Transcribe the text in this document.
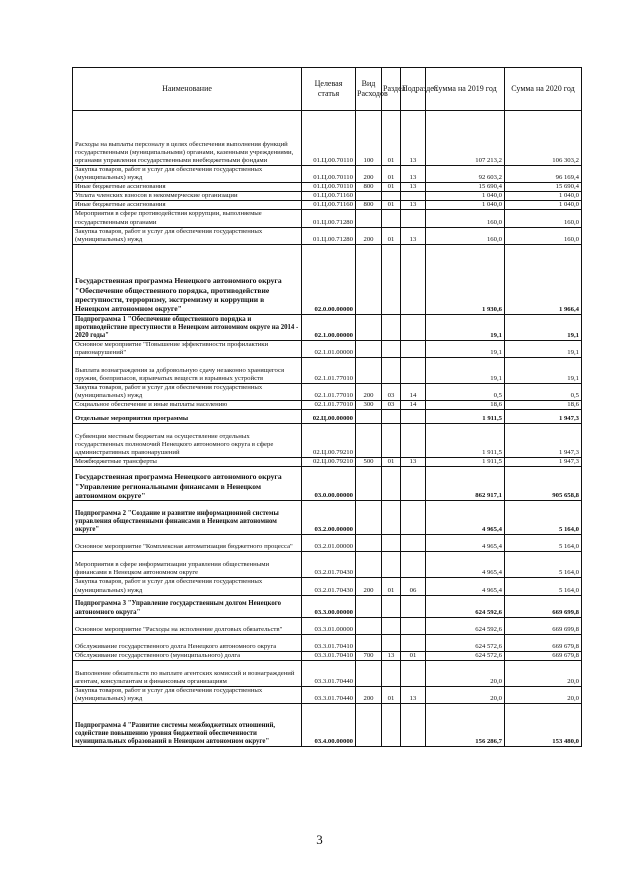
Наименование	Целевая статья	Вид Расходов	Раздел	Подраздел	Сумма на 2019 год	Сумма на 2020 год
Расходы на выплаты персоналу в целях обеспечения выполнения функций государственными (муниципальными) органами, казенными учреждениями, органами управления государственными внебюджетными фондами	01.Ц.00.70110	100	01	13	107 213,2	106 303,2
Закупка товаров, работ и услуг для обеспечения государственных (муниципальных) нужд	01.Ц.00.70110	200	01	13	92 603,2	96 169,4
Иные бюджетные ассигнования	01.Ц.00.70110	800	01	13	15 690,4	15 690,4
Уплата членских взносов в некоммерческие организации	01.Ц.00.71160				1 040,0	1 040,0
Иные бюджетные ассигнования	01.Ц.00.71160	800	01	13	1 040,0	1 040,0
Мероприятия в сфере противодействия коррупции, выполняемые государственными органами	01.Ц.00.71280				160,0	160,0
Закупка товаров, работ и услуг для обеспечения государственных (муниципальных) нужд	01.Ц.00.71280	200	01	13	160,0	160,0
Государственная программа Ненецкого автономного округа "Обеспечение общественного порядка, противодействие преступности, терроризму, экстремизму и коррупции в Ненецком автономном округе"	02.0.00.00000				1 930,6	1 966,4
Подпрограмма 1 "Обеспечение общественного порядка и противодействие преступности в Ненецком автономном округе на 2014 - 2020 годы"	02.1.00.00000				19,1	19,1
Основное мероприятие "Повышение эффективности профилактики правонарушений"	02.1.01.00000				19,1	19,1
Выплата вознаграждения за добровольную сдачу незаконно хранящегося оружия, боеприпасов, взрывчатых веществ и взрывных устройств	02.1.01.77010				19,1	19,1
Закупка товаров, работ и услуг для обеспечения государственных (муниципальных) нужд	02.1.01.77010	200	03	14	0,5	0,5
Социальное обеспечение и иные выплаты населению	02.1.01.77010	300	03	14	18,6	18,6
Отдельные мероприятия программы	02.Ц.00.00000				1 911,5	1 947,3
Субвенции местным бюджетам на осуществление отдельных государственных полномочий Ненецкого автономного округа в сфере административных правонарушений	02.Ц.00.79210				1 911,5	1 947,3
Межбюджетные трансферты	02.Ц.00.79210	500	01	13	1 911,5	1 947,3
Государственная программа Ненецкого автономного округа "Управление региональными финансами в Ненецком автономном округе"	03.0.00.00000				862 917,1	905 658,8
Подпрограмма 2 "Создание и развитие информационной системы управления общественными финансами в Ненецком автономном округе"	03.2.00.00000				4 965,4	5 164,0
Основное мероприятие "Комплексная автоматизация бюджетного процесса"	03.2.01.00000				4 965,4	5 164,0
Мероприятия в сфере информатизации управления общественными финансами в Ненецком автономном округе	03.2.01.70430				4 965,4	5 164,0
Закупка товаров, работ и услуг для обеспечения государственных (муниципальных) нужд	03.2.01.70430	200	01	06	4 965,4	5 164,0
Подпрограмма 3 "Управление государственным долгом Ненецкого автономного округа"	03.3.00.00000				624 592,6	669 699,8
Основное мероприятие "Расходы на исполнение долговых обязательств"	03.3.01.00000				624 592,6	669 699,8
Обслуживание государственного долга Ненецкого автономного округа	03.3.01.70410				624 572,6	669 679,8
Обслуживание государственного (муниципального) долга	03.3.01.70410	700	13	01	624 572,6	669 679,8
Выполнение обязательств по выплате агентских комиссий и вознаграждений агентам, консультантам и финансовым организациям	03.3.01.70440				20,0	20,0
Закупка товаров, работ и услуг для обеспечения государственных (муниципальных) нужд	03.3.01.70440	200	01	13	20,0	20,0
Подпрограмма 4 "Развитие системы межбюджетных отношений, содействие повышению уровня бюджетной обеспеченности муниципальных образований в Ненецком автономном округе"	03.4.00.00000				156 286,7	153 480,0
3
